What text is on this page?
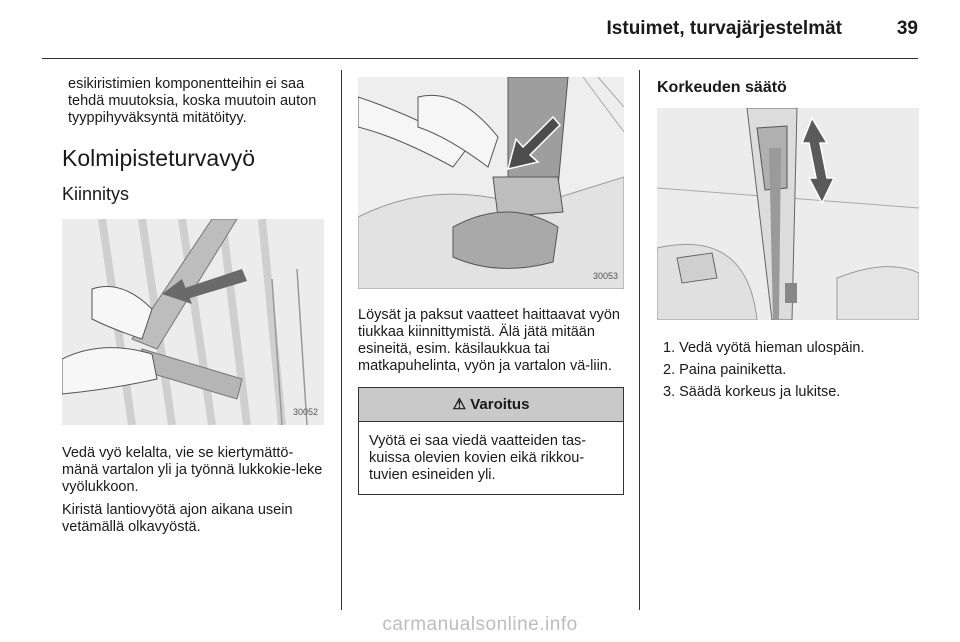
Istuimet, turvajärjestelmät	39

esikiristimien komponentteihin ei saa tehdä muutoksia, koska muutoin auton tyyppihyväksyntä mitätöityy.

Kolmipisteturvavyö
Kiinnitys
30052

Vedä vyö kelalta, vie se kiertymättö-mänä vartalon yli ja työnnä lukkokie-leke vyölukkoon.

Kiristä lantiovyötä ajon aikana usein vetämällä olkavyöstä.

30053

Löysät ja paksut vaatteet haittaavat vyön tiukkaa kiinnittymistä. Älä jätä mitään esineitä, esim. käsilaukkua tai matkapuhelinta, vyön ja vartalon vä-liin.

⚠ Varoitus
Vyötä ei saa viedä vaatteiden tas-kuissa olevien kovien eikä rikkou-tuvien esineiden yli.
Korkeuden säätö
1. Vedä vyötä hieman ulospäin.
2. Paina painiketta.
3. Säädä korkeus ja lukitse.
carmanualsonline.info
